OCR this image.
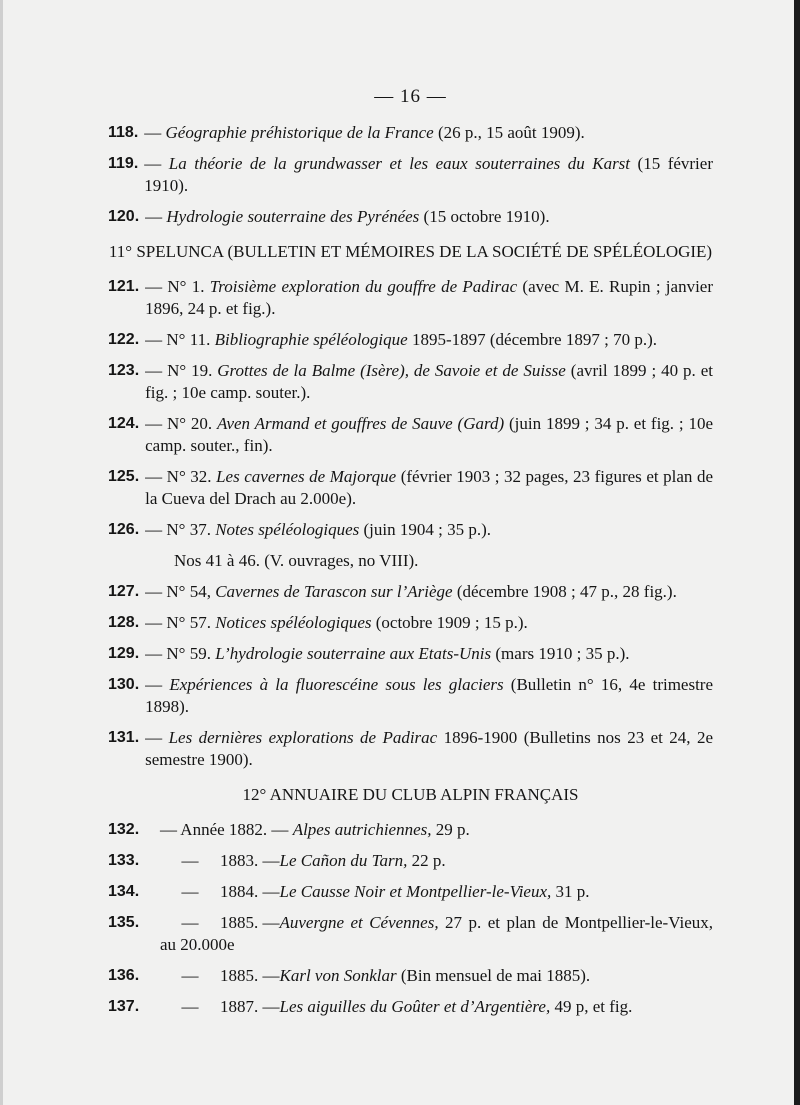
— 16 —
118. — Géographie préhistorique de la France (26 p., 15 août 1909).
119. — La théorie de la grundwasser et les eaux souterraines du Karst (15 février 1910).
120. — Hydrologie souterraine des Pyrénées (15 octobre 1910).
11° SPELUNCA (BULLETIN ET MÉMOIRES DE LA SOCIÉTÉ DE SPÉLÉOLOGIE)
121. — N° 1. Troisième exploration du gouffre de Padirac (avec M. E. Rupin ; janvier 1896, 24 p. et fig.).
122. — N° 11. Bibliographie spéléologique 1895-1897 (décembre 1897 ; 70 p.).
123. — N° 19. Grottes de la Balme (Isère), de Savoie et de Suisse (avril 1899 ; 40 p. et fig. ; 10e camp. souter.).
124. — N° 20. Aven Armand et gouffres de Sauve (Gard) (juin 1899 ; 34 p. et fig. ; 10e camp. souter., fin).
125. — N° 32. Les cavernes de Majorque (février 1903 ; 32 pages, 23 figures et plan de la Cueva del Drach au 2.000e).
126. — N° 37. Notes spéléologiques (juin 1904 ; 35 p.).
Nos 41 à 46. (V. ouvrages, no VIII).
127. — N° 54, Cavernes de Tarascon sur l’Ariège (décembre 1908 ; 47 p., 28 fig.).
128. — N° 57. Notices spéléologiques (octobre 1909 ; 15 p.).
129. — N° 59. L’hydrologie souterraine aux Etats-Unis (mars 1910 ; 35 p.).
130. — Expériences à la fluorescéine sous les glaciers (Bulletin n° 16, 4e trimestre 1898).
131. — Les dernières explorations de Padirac 1896-1900 (Bulletins nos 23 et 24, 2e semestre 1900).
12° ANNUAIRE DU CLUB ALPIN FRANÇAIS
132.	— Année 1882. — Alpes autrichiennes, 29 p.
133.	— 1883. —Le Cañon du Tarn, 22 p.
134.	— 1884. —Le Causse Noir et Montpellier-le-Vieux, 31 p.
135.	— 1885. —Auvergne et Cévennes, 27 p. et plan de Montpellier-le-Vieux, au 20.000e
136.	— 1885. —Karl von Sonklar (Bin mensuel de mai 1885).
137.	— 1887. —Les aiguilles du Goûter et d’Argentière, 49 p, et fig.
